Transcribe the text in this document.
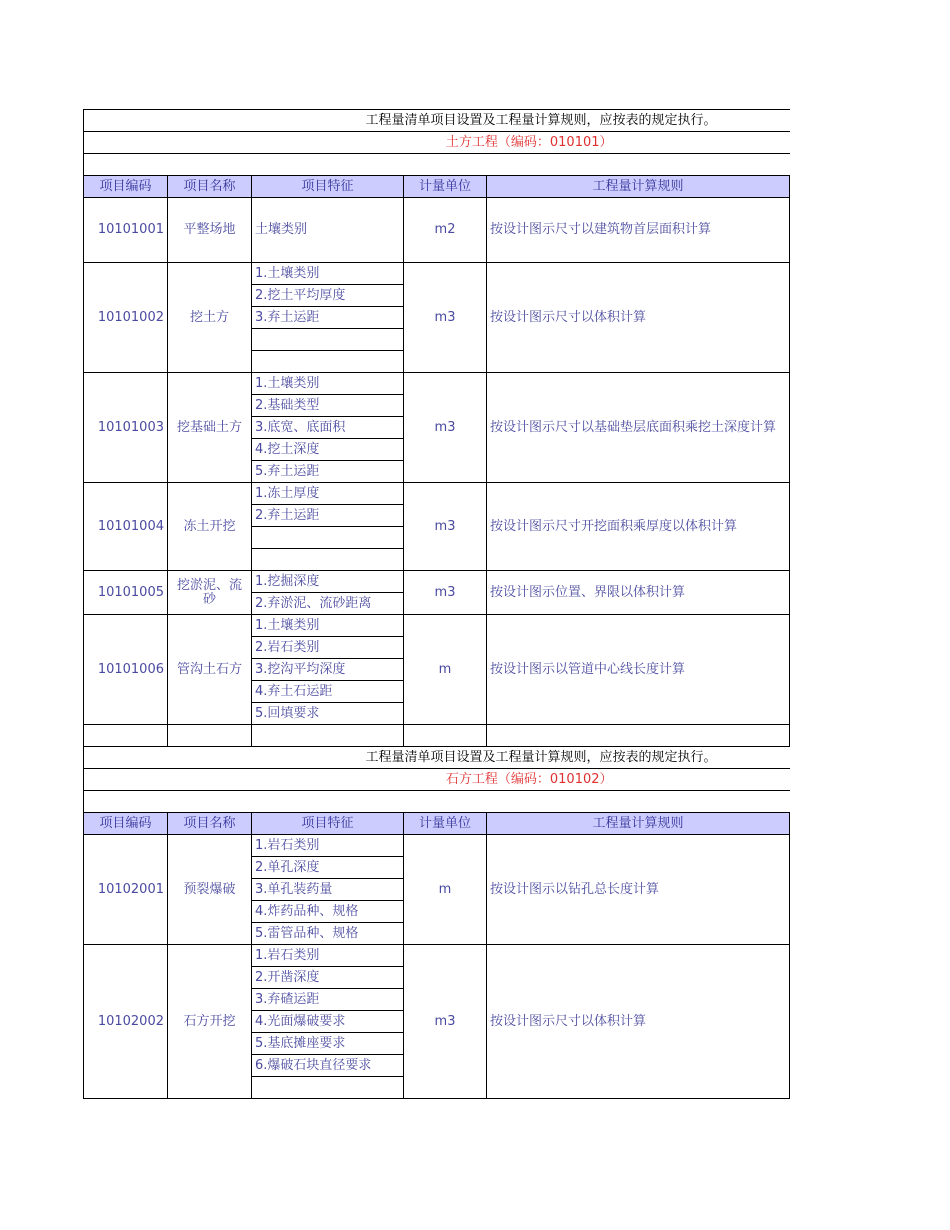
工程量清单项目设置及工程量计算规则，应按表的规定执行。				
土方工程（编码：010101）				

项目编码	项目名称	项目特征	计量单位	工程量计算规则
10101001	平整场地	土壤类别	m2	按设计图示尺寸以建筑物首层面积计算
10101002	挖土方	1.土壤类别	m3	按设计图示尺寸以体积计算
		2.挖土平均厚度		
		3.弃土运距		

10101003	挖基础土方	1.土壤类别	m3	按设计图示尺寸以基础垫层底面积乘挖土深度计算
		2.基础类型		
		3.底宽、底面积		
		4.挖土深度		
		5.弃土运距		
10101004	冻土开挖	1.冻土厚度	m3	按设计图示尺寸开挖面积乘厚度以体积计算
		2.弃土运距		

10101005	挖淤泥、流砂	1.挖掘深度	m3	按设计图示位置、界限以体积计算
		2.弃淤泥、流砂距离		
10101006	管沟土石方	1.土壤类别	m	按设计图示以管道中心线长度计算
		2.岩石类别		
		3.挖沟平均深度		
		4.弃土石运距		
		5.回填要求		

工程量清单项目设置及工程量计算规则，应按表的规定执行。				
石方工程（编码：010102）				

项目编码	项目名称	项目特征	计量单位	工程量计算规则
10102001	预裂爆破	1.岩石类别	m	按设计图示以钻孔总长度计算
		2.单孔深度		
		3.单孔装药量		
		4.炸药品种、规格		
		5.雷管品种、规格		
10102002	石方开挖	1.岩石类别	m3	按设计图示尺寸以体积计算
		2.开凿深度		
		3.弃碴运距		
		4.光面爆破要求		
		5.基底摊座要求		
		6.爆破石块直径要求		
